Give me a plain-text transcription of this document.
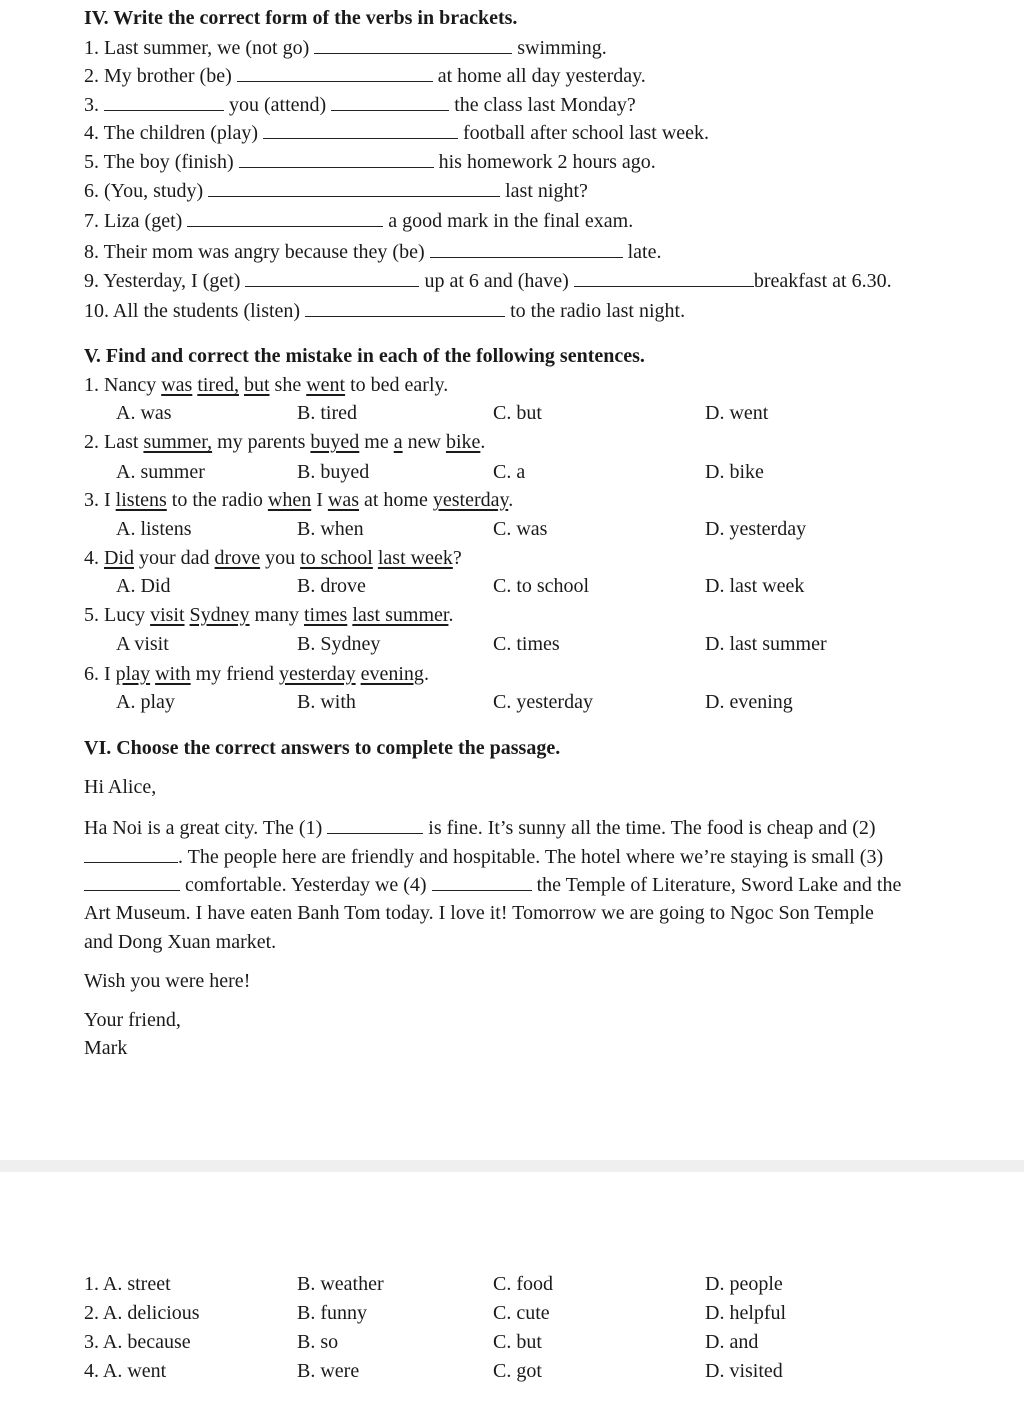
IV. Write the correct form of the verbs in brackets.
1. Last summer, we (not go)	swimming.
2. My brother (be)	at home all day yesterday.
3.	you (attend)	the class last Monday?
4. The children (play)	football after school last week.
5. The boy (finish)	his homework 2 hours ago.
6. (You, study)	last night?
7. Liza (get)	a good mark in the final exam.
8. Their mom was angry because they (be)	late.
9. Yesterday, I (get)	up at 6 and (have)	breakfast at 6.30.
10. All the students (listen)	to the radio last night.
V. Find and correct the mistake in each of the following sentences.
1. Nancy was tired, but she went to bed early.
A. was	B. tired	C. but	D. went
2. Last summer, my parents buyed me a new bike.
A. summer	B. buyed	C. a	D. bike
3. I listens to the radio when I was at home yesterday.
A. listens	B. when	C. was	D. yesterday
4. Did your dad drove you to school last week?
A. Did	B. drove	C. to school	D. last week
5. Lucy visit Sydney many times last summer.
A visit	B. Sydney	C. times	D. last summer
6. I play with my friend yesterday evening.
A. play	B. with	C. yesterday	D. evening
VI. Choose the correct answers to complete the passage.
Hi Alice,
Ha Noi is a great city. The (1)	is fine. It’s sunny all the time. The food is cheap and (2)
. The people here are friendly and hospitable. The hotel where we’re staying is small (3)
comfortable. Yesterday we (4)	the Temple of Literature, Sword Lake and the
Art Museum. I have eaten Banh Tom today. I love it! Tomorrow we are going to Ngoc Son Temple
and Dong Xuan market.
Wish you were here!
Your friend,
Mark
1. A. street	B. weather	C. food	D. people
2. A. delicious	B. funny	C. cute	D. helpful
3. A. because	B. so	C. but	D. and
4. A. went	B. were	C. got	D. visited
